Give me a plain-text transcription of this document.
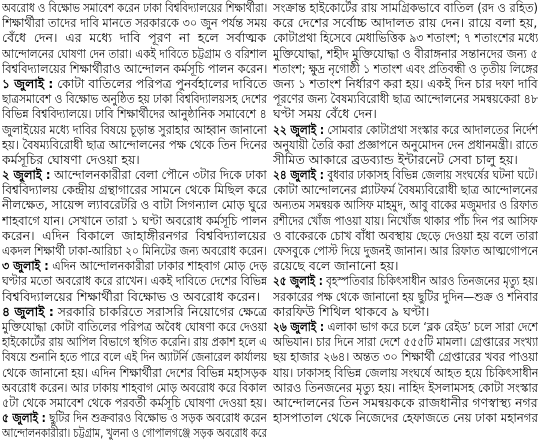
অবরোধ ও বিক্ষোভ সমাবেশ করেন ঢাকা বিশ্ববিদ্যালয়ের শিক্ষার্থীরা।
শিক্ষার্থীরা তাদের দাবি মানতে সরকারকে ৩০ জুন পর্যন্ত সময়
বেঁধে দেন। এর মধ্যে দাবি পূরণ না হলে সর্বাত্মক
আন্দোলনের ঘোষণা দেন তারা। একই দাবিতে চট্টগ্রাম ও বরিশাল
বিশ্ববিদ্যালয়ের শিক্ষার্থীরাও আন্দোলন কর্মসূচি পালন করেন।
১ জুলাই : কোটা বাতিলের পরিপত্র পুনর্বহালের দাবিতে
ছাত্রসমাবেশ ও বিক্ষোভ অনুষ্ঠিত হয় ঢাকা বিশ্ববিদ্যালয়সহ দেশের
বিভিন্ন বিশ্ববিদ্যালয়ে। ঢাবি শিক্ষার্থীদের আনুষ্ঠানিক সমাবেশে ৪
জুলাইয়ের মধ্যে দাবির বিষয়ে চূড়ান্ত সুরাহার আহ্বান জানানো
হয়। বৈষম্যবিরোধী ছাত্র আন্দোলনের পক্ষ থেকে তিন দিনের
কর্মসূচির ঘোষণা দেওয়া হয়।
২ জুলাই : আন্দোলনকারীরা বেলা পৌনে ৩টার দিকে ঢাকা
বিশ্ববিদ্যালয় কেন্দ্রীয় গ্রন্থাগারের সামনে থেকে মিছিল করে
নীলক্ষেত, সায়েন্স ল্যাবরেটরি ও বাটা সিগন্যাল মোড় ঘুরে
শাহবাগে যান। সেখানে তারা ১ ঘণ্টা অবরোধ কর্মসূচি পালন
করেন। এদিন বিকালে জাহাঙ্গীরনগর বিশ্ববিদ্যালয়ের
একদল শিক্ষার্থী ঢাকা-আরিচা ২০ মিনিটের জন্য অবরোধ করেন।
৩ জুলাই : এদিন আন্দোলনকারীরা ঢাকার শাহবাগ মোড় দেড়
ঘণ্টার মতো অবরোধ করে রাখেন। একই দাবিতে দেশের বিভিন্ন
বিশ্ববিদ্যালয়ের শিক্ষার্থীরা বিক্ষোভ ও অবরোধ করেন।
৪ জুলাই : সরকারি চাকরিতে সরাসরি নিয়োগের ক্ষেত্রে
মুক্তিযোদ্ধা কোটা বাতিলের পরিপত্র অবৈধ ঘোষণা করে দেওয়া
হাইকোর্টের রায় আপিল বিভাগে স্থগিত করেনি। রায় প্রকাশ হলে এ
বিষয়ে শুনানি হতে পারে বলে এই দিন অ্যাটর্নি জেনারেল কার্যালয়
থেকে জানানো হয়। এদিন শিক্ষার্থীরা দেশের বিভিন্ন মহাসড়ক
অবরোধ করেন। আর ঢাকায় শাহবাগ মোড় অবরোধ করে বিকাল
৫টা থেকে সমাবেশ থেকে পরবর্তী কর্মসূচি ঘোষণা দেওয়া হয়।
৫ জুলাই : ছুটির দিন শুক্রবারও বিক্ষোভ ও সড়ক অবরোধ করেন
আন্দোলনকারীরা। চট্টগ্রাম, খুলনা ও গোপালগঞ্জে সড়ক অবরোধ করে
সংক্রান্ত হাইকোর্টের রায় সামগ্রিকভাবে বাতিল (রদ ও রহিত)
করে দেশের সর্বোচ্চ আদালত রায় দেন। রায়ে বলা হয়,
কোটাপ্রথা হিসেবে মেধাভিত্তিক ৯৩ শতাংশ; ৭ শতাংশের মধ্যে
মুক্তিযোদ্ধা, শহীদ মুক্তিযোদ্ধা ও বীরাঙ্গনার সন্তানদের জন্য ৫
শতাংশ; ক্ষুদ্র নৃগোষ্ঠী ১ শতাংশ এবং প্রতিবন্ধী ও তৃতীয় লিঙ্গের
জন্য ১ শতাংশ নির্ধারণ করা হয়। একই দিন চার দফা দাবি
পূরণের জন্য বৈষম্যবিরোধী ছাত্র আন্দোলনের সমন্বয়কেরা ৪৮
ঘণ্টা সময় বেঁধে দেন।
২২ জুলাই : সোমবার কোটাপ্রথা সংস্কার করে আদালতের নির্দেশ
অনুযায়ী তৈরি করা প্রজ্ঞাপনে অনুমোদন দেন প্রধানমন্ত্রী। রাতে
সীমিত আকারে ব্রডব্যান্ড ইন্টারনেট সেবা চালু হয়।
২৪ জুলাই : বুধবার ঢাকাসহ বিভিন্ন জেলায় সংঘর্ষের ঘটনা ঘটে।
কোটা আন্দোলনের প্ল্যাটফর্ম বৈষম্যবিরোধী ছাত্র আন্দোলনের
অন্যতম সমন্বয়ক আসিফ মাহমুদ, আবু বাকের মজুমদার ও রিফাত
রশীদের খোঁজ পাওয়া যায়। নিখোঁজ থাকার পাঁচ দিন পর আসিফ
ও বাকেরকে চোখ বাঁধা অবস্থায় ছেড়ে দেওয়া হয় বলে তারা
ফেসবুকে পোস্ট দিয়ে দুজনই জানান। আর রিফাত আত্মগোপনে
রয়েছে বলে জানানো হয়।
২৫ জুলাই : বৃহস্পতিবার চিকিৎসাধীন আরও তিনজনের মৃত্যু হয়।
সরকারের পক্ষ থেকে জানানো হয় ছুটির দুদিন—শুক্র ও শনিবার
কারফিউ শিথিল থাকবে ৯ ঘণ্টা।
২৬ জুলাই : এলাকা ভাগ করে চলে ‘ব্লক রেইড’ চলে সারা দেশে
অভিযান। চার দিনে সারা দেশে ৫৫৫টি মামলা। গ্রেপ্তারের সংখ্যা
ছয় হাজার ২৬৪। অন্তত ৩০ শিক্ষার্থী গ্রেপ্তারের খবর পাওয়া
যায়। ঢাকাসহ বিভিন্ন জেলায় সংঘর্ষে আহত হয়ে চিকিৎসাধীন
আরও তিনজনের মৃত্যু হয়। নাহিদ ইসলামসহ কোটা সংস্কার
আন্দোলনের তিন সমন্বয়ককে রাজধানীর গণস্বাস্থ্য নগর
হাসপাতাল থেকে নিজেদের হেফাজতে নেয় ঢাকা মহানগর
